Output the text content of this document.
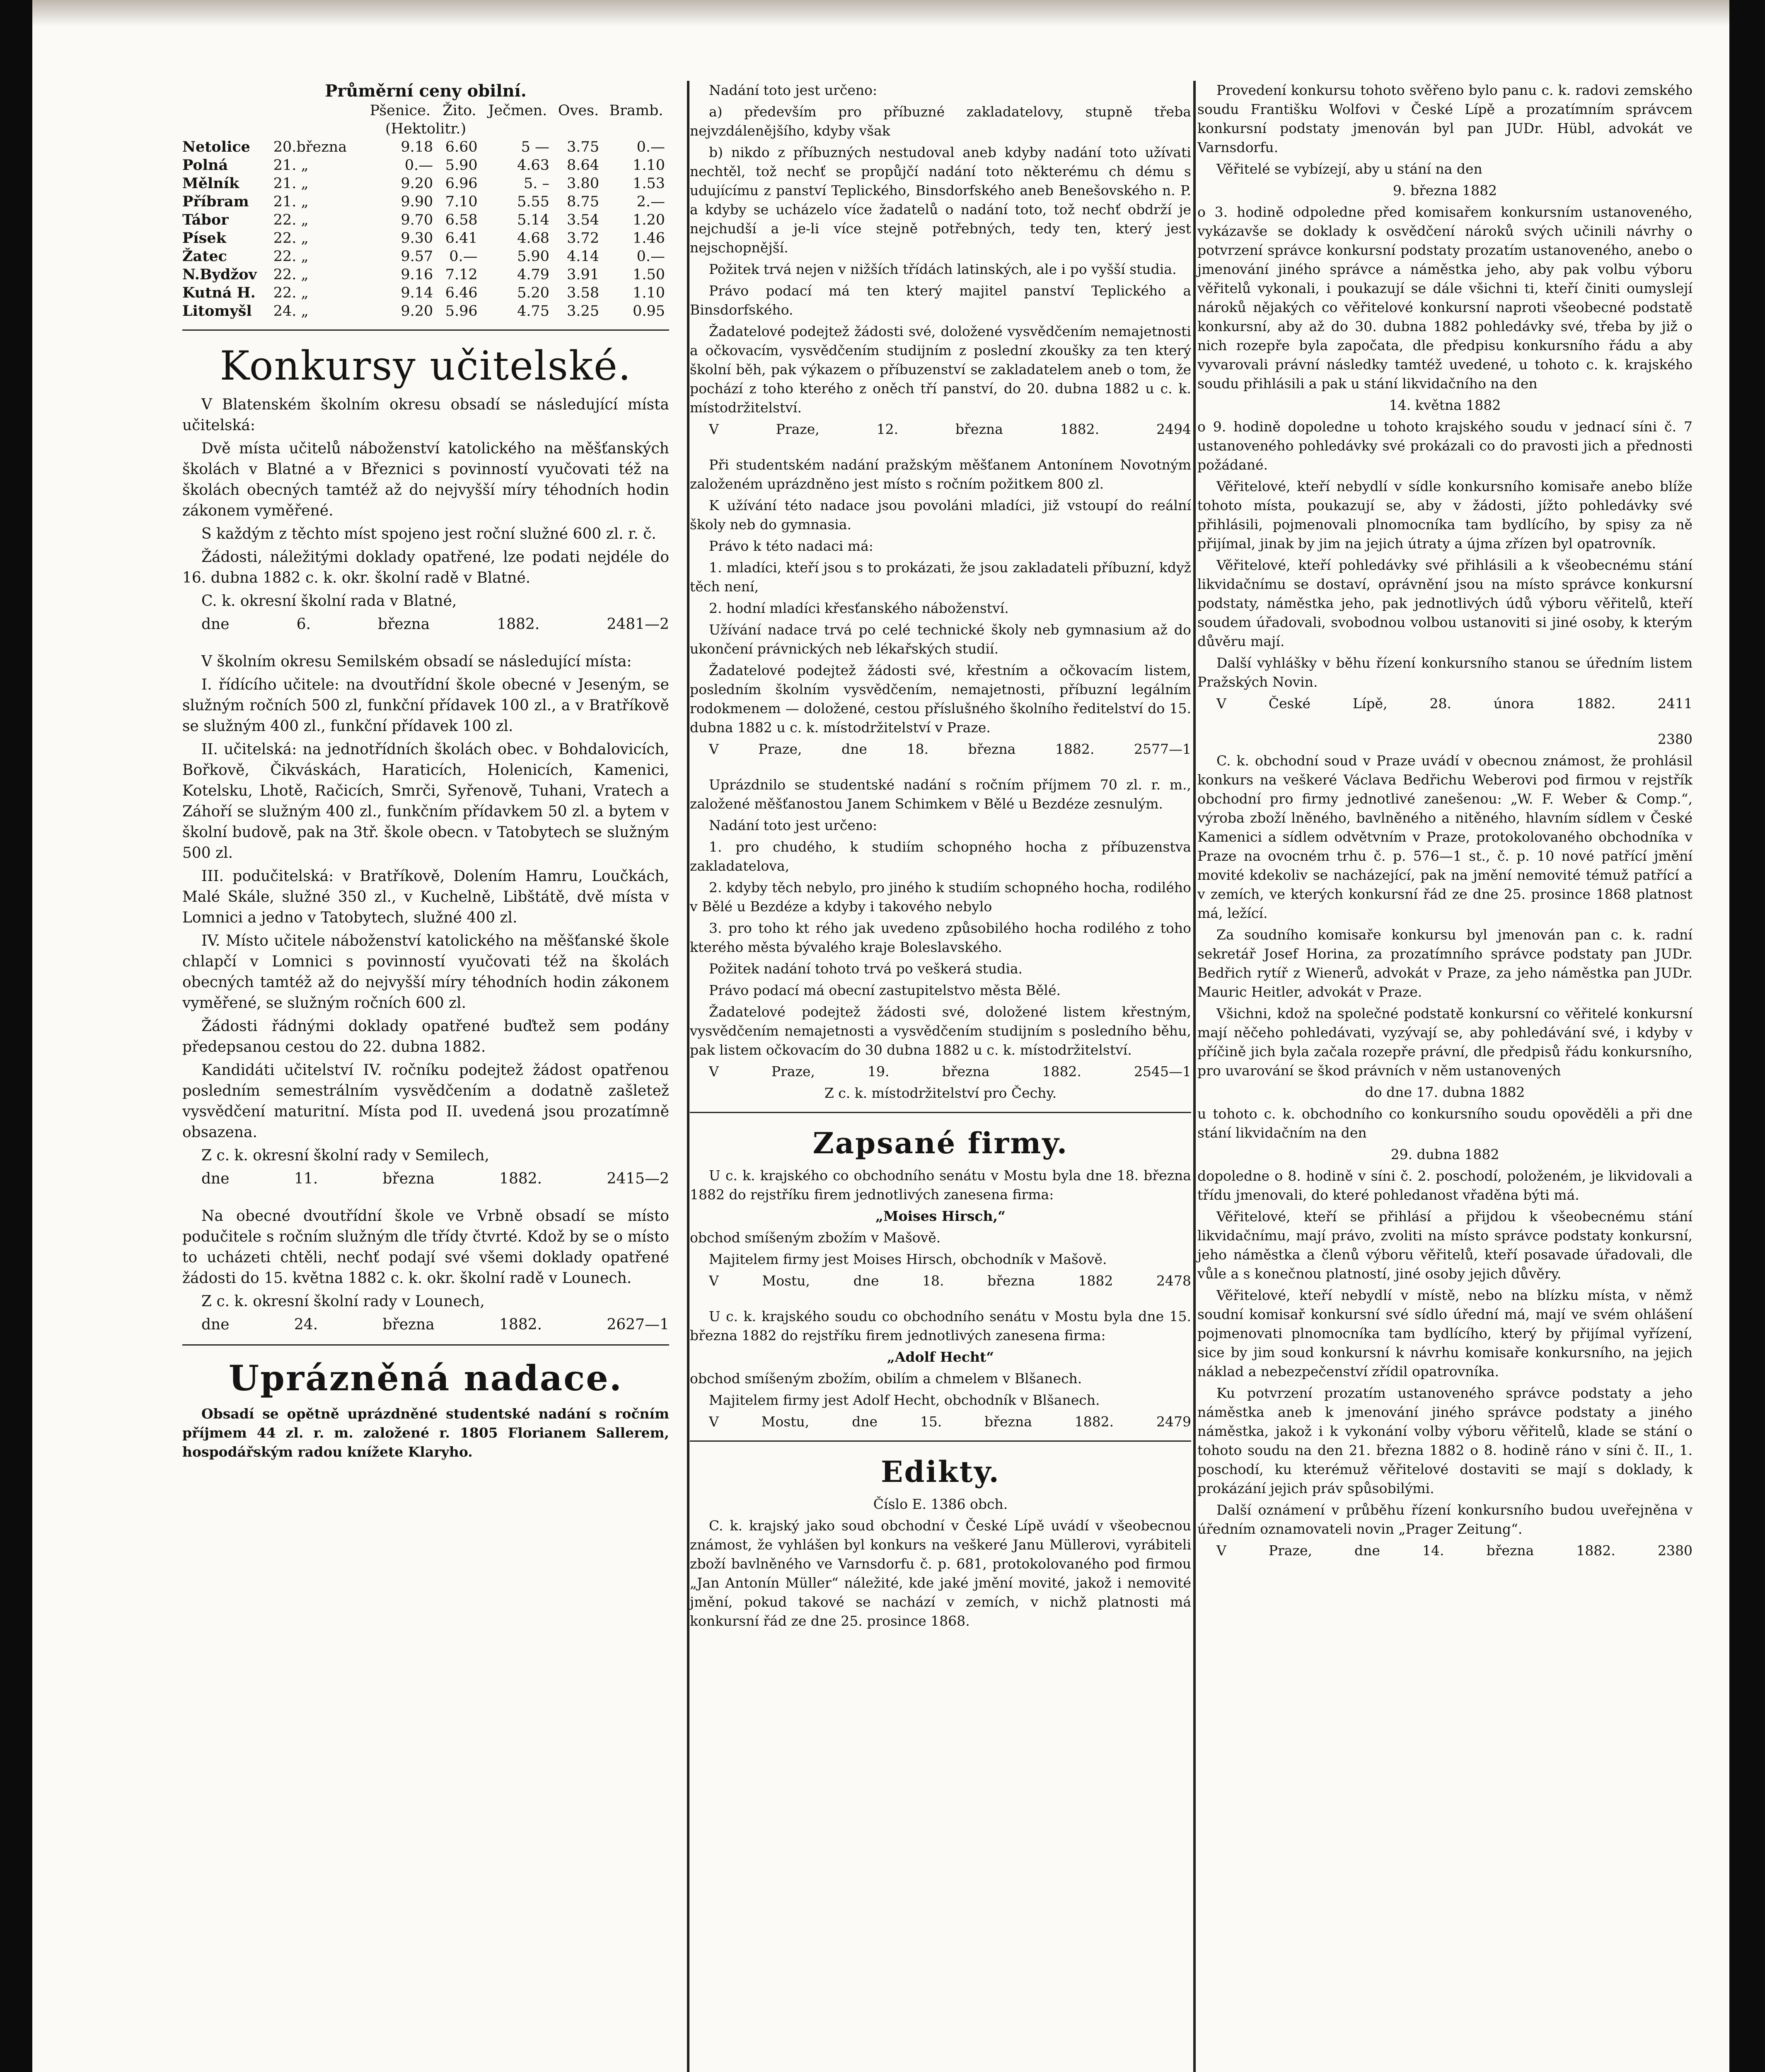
Průměrní ceny obilní.
		Pšenice.	Žito.	Ječmen.	Oves.	Bramb.
(Hektolitr.)						
Netolice	20.března	9.18	6.60	5 —	3.75	0.—
Polná	21. „	0.—	5.90	4.63	8.64	1.10
Mělník	21. „	9.20	6.96	5. –	3.80	1.53
Příbram	21. „	9.90	7.10	5.55	8.75	2.—
Tábor	22. „	9.70	6.58	5.14	3.54	1.20
Písek	22. „	9.30	6.41	4.68	3.72	1.46
Žatec	22. „	9.57	0.—	5.90	4.14	0.—
N.Bydžov	22. „	9.16	7.12	4.79	3.91	1.50
Kutná H.	22. „	9.14	6.46	5.20	3.58	1.10
Litomyšl	24. „	9.20	5.96	4.75	3.25	0.95
Konkursy učitelské.

V Blatenském školním okresu obsadí se následující místa učitelská:

Dvě místa učitelů náboženství katolického na měšťanských školách v Blatné a v Březnici s povinností vyučovati též na školách obecných tamtéž až do nejvyšší míry téhodních hodin zákonem vyměřené.

S každým z těchto míst spojeno jest roční služné 600 zl. r. č.

Žádosti, náležitými doklady opatřené, lze podati nejdéle do 16. dubna 1882 c. k. okr. školní radě v Blatné.

C. k. okresní školní rada v Blatné,

dne 6. března 1882.	2481—2

V školním okresu Semilském obsadí se následující místa:

I. řídícího učitele: na dvoutřídní škole obecné v Jeseným, se služným ročních 500 zl, funkční přídavek 100 zl., a v Bratříkově se služným 400 zl., funkční přídavek 100 zl.

II. učitelská: na jednotřídních školách obec. v Bohdalovicích, Bořkově, Čikváskách, Haraticích, Holenicích, Kamenici, Kotelsku, Lhotě, Račicích, Smrči, Syřenově, Tuhani, Vratech a Záhoří se služným 400 zl., funkčním přídavkem 50 zl. a bytem v školní budově, pak na 3tř. škole obecn. v Tatobytech se služným 500 zl.

III. podučitelská: v Bratříkově, Dolením Hamru, Loučkách, Malé Skále, služné 350 zl., v Kuchelně, Libštátě, dvě místa v Lomnici a jedno v Tatobytech, služné 400 zl.

IV. Místo učitele náboženství katolického na měšťanské škole chlapčí v Lomnici s povinností vyučovati též na školách obecných tamtéž až do nejvyšší míry téhodních hodin zákonem vyměřené, se služným ročních 600 zl.

Žádosti řádnými doklady opatřené buďtež sem podány předepsanou cestou do 22. dubna 1882.

Kandidáti učitelství IV. ročníku podejtež žádost opatřenou posledním semestrálním vysvědčením a dodatně zašletež vysvědčení maturitní. Místa pod II. uvedená jsou prozatímně obsazena.

Z c. k. okresní školní rady v Semilech,

dne 11. března 1882.	2415—2

Na obecné dvoutřídní škole ve Vrbně obsadí se místo podučitele s ročním služným dle třídy čtvrté. Kdož by se o místo to ucházeti chtěli, nechť podají své všemi doklady opatřené žádosti do 15. května 1882 c. k. okr. školní radě v Lounech.

Z c. k. okresní školní rady v Lounech,

dne 24. března 1882.	2627—1

Uprázněná nadace.

Obsadí se opětně uprázdněné studentské nadání s ročním příjmem 44 zl. r. m. založené r. 1805 Florianem Sallerem, hospodářským radou knížete Klaryho.

Nadání toto jest určeno:

a) především pro příbuzné zakladatelovy, stupně třeba nejvzdálenějšího, kdyby však

b) nikdo z příbuzných nestudoval aneb kdyby nadání toto užívati nechtěl, tož nechť se propůjčí nadání toto některému ch dému s udujícímu z panství Teplického, Binsdorfského aneb Benešovského n. P. a kdyby se ucházelo více žadatelů o nadání toto, tož nechť obdrží je nejchudší a je-li více stejně potřebných, tedy ten, který jest nejschopnější.

Požitek trvá nejen v nižších třídách latinských, ale i po vyšší studia.

Právo podací má ten který majitel panství Teplického a Binsdorfského.

Žadatelové podejtež žádosti své, doložené vysvědčením nemajetnosti a očkovacím, vysvědčením studijním z poslední zkoušky za ten který školní běh, pak výkazem o příbuzenství se zakladatelem aneb o tom, že pochází z toho kterého z oněch tří panství, do 20. dubna 1882 u c. k. místodržitelství.

V Praze, 12. března 1882.	2494

Při studentském nadání pražským měšťanem Antonínem Novotným založeném uprázdněno jest místo s ročním požitkem 800 zl.

K užívání této nadace jsou povoláni mladíci, již vstoupí do reální školy neb do gymnasia.

Právo k této nadaci má:

1. mladíci, kteří jsou s to prokázati, že jsou zakladateli příbuzní, když těch není,

2. hodní mladíci křesťanského náboženství.

Užívání nadace trvá po celé technické školy neb gymnasium až do ukončení právnických neb lékařských studií.

Žadatelové podejtež žádosti své, křestním a očkovacím listem, posledním školním vysvědčením, nemajetnosti, příbuzní legálním rodokmenem — doložené, cestou příslušného školního ředitelství do 15. dubna 1882 u c. k. místodržitelství v Praze.

V Praze, dne 18. března 1882.	2577—1

Uprázdnilo se studentské nadání s ročním příjmem 70 zl. r. m., založené měšťanostou Janem Schimkem v Bělé u Bezdéze zesnulým.

Nadání toto jest určeno:

1. pro chudého, k studiím schopného hocha z příbuzenstva zakladatelova,

2. kdyby těch nebylo, pro jiného k studiím schopného hocha, rodilého v Bělé u Bezdéze a kdyby i takového nebylo

3. pro toho kt rého jak uvedeno způsobilého hocha rodilého z toho kterého města bývalého kraje Boleslavského.

Požitek nadání tohoto trvá po veškerá studia.

Právo podací má obecní zastupitelstvo města Bělé.

Žadatelové podejtež žádosti své, doložené listem křestným, vysvědčením nemajetnosti a vysvědčením studijním s posledního běhu, pak listem očkovacím do 30 dubna 1882 u c. k. místodržitelství.

V Praze, 19. března 1882.	2545—1

Z c. k. místodržitelství pro Čechy.

Zapsané firmy.

U c. k. krajského co obchodního senátu v Mostu byla dne 18. března 1882 do rejstříku firem jednotlivých zanesena firma:

„Moises Hirsch,“

obchod smíšeným zbožím v Mašově.

Majitelem firmy jest Moises Hirsch, obchodník v Mašově.

V Mostu, dne 18. března 1882	2478

U c. k. krajského soudu co obchodního senátu v Mostu byla dne 15. března 1882 do rejstříku firem jednotlivých zanesena firma:

„Adolf Hecht“

obchod smíšeným zbožím, obilím a chmelem v Blšanech.

Majitelem firmy jest Adolf Hecht, obchodník v Blšanech.

V Mostu, dne 15. března 1882.	2479

Edikty.

Číslo E. 1386 obch.

C. k. krajský jako soud obchodní v České Lípě uvádí v všeobecnou známost, že vyhlášen byl konkurs na veškeré Janu Müllerovi, vyrábiteli zboží bavlněného ve Varnsdorfu č. p. 681, protokolovaného pod firmou „Jan Antonín Müller“ náležité, kde jaké jmění movité, jakož i nemovité jmění, pokud takové se nachází v zemích, v nichž platnosti má konkursní řád ze dne 25. prosince 1868.

Provedení konkursu tohoto svěřeno bylo panu c. k. radovi zemského soudu Františku Wolfovi v České Lípě a prozatímním správcem konkursní podstaty jmenován byl pan JUDr. Hübl, advokát ve Varnsdorfu.

Věřitelé se vybízejí, aby u stání na den

9. března 1882

o 3. hodině odpoledne před komisařem konkursním ustanoveného, vykázavše se doklady k osvědčení nároků svých učinili návrhy o potvrzení správce konkursní podstaty prozatím ustanoveného, anebo o jmenování jiného správce a náměstka jeho, aby pak volbu výboru věřitelů vykonali, i poukazují se dále všichni ti, kteří činiti oumyslejí nároků nějakých co věřitelové konkursní naproti všeobecné podstatě konkursní, aby až do 30. dubna 1882 pohledávky své, třeba by již o nich rozepře byla započata, dle předpisu konkursního řádu a aby vyvarovali právní následky tamtéž uvedené, u tohoto c. k. krajského soudu přihlásili a pak u stání likvidačního na den

14. května 1882

o 9. hodině dopoledne u tohoto krajského soudu v jednací síni č. 7 ustanoveného pohledávky své prokázali co do pravosti jich a přednosti požádané.

Věřitelové, kteří nebydlí v sídle konkursního komisaře anebo blíže tohoto místa, poukazují se, aby v žádosti, jížto pohledávky své přihlásili, pojmenovali plnomocníka tam bydlícího, by spisy za ně přijímal, jinak by jim na jejich útraty a újma zřízen byl opatrovník.

Věřitelové, kteří pohledávky své přihlásili a k všeobecnému stání likvidačnímu se dostaví, oprávnění jsou na místo správce konkursní podstaty, náměstka jeho, pak jednotlivých údů výboru věřitelů, kteří soudem úřadovali, svobodnou volbou ustanoviti si jiné osoby, k kterým důvěru mají.

Další vyhlášky v běhu řízení konkursního stanou se úředním listem Pražských Novin.

V České Lípě, 28. února 1882.	2411

2380

C. k. obchodní soud v Praze uvádí v obecnou známost, že prohlásil konkurs na veškeré Václava Bedřichu Weberovi pod firmou v rejstřík obchodní pro firmy jednotlivé zanešenou: „W. F. Weber & Comp.“, výroba zboží lněného, bavlněného a nitěného, hlavním sídlem v České Kamenici a sídlem odvětvním v Praze, protokolovaného obchodníka v Praze na ovocném trhu č. p. 576—1 st., č. p. 10 nové patřící jmění movité kdekoliv se nacházející, pak na jmění nemovité témuž patřící a v zemích, ve kterých konkursní řád ze dne 25. prosince 1868 platnost má, ležící.

Za soudního komisaře konkursu byl jmenován pan c. k. radní sekretář Josef Horina, za prozatímního správce podstaty pan JUDr. Bedřich rytíř z Wienerů, advokát v Praze, za jeho náměstka pan JUDr. Mauric Heitler, advokát v Praze.

Všichni, kdož na společné podstatě konkursní co věřitelé konkursní mají něčeho pohledávati, vyzývají se, aby pohledávání své, i kdyby v příčině jich byla začala rozepře právní, dle předpisů řádu konkursního, pro uvarování se škod právních v něm ustanovených

do dne 17. dubna 1882

u tohoto c. k. obchodního co konkursního soudu opověděli a při dne stání likvidačním na den

29. dubna 1882

dopoledne o 8. hodině v síni č. 2. poschodí, položeném, je likvidovali a třídu jmenovali, do které pohledanost vřaděna býti má.

Věřitelové, kteří se přihlásí a přijdou k všeobecnému stání likvidačnímu, mají právo, zvoliti na místo správce podstaty konkursní, jeho náměstka a členů výboru věřitelů, kteří posavade úřadovali, dle vůle a s konečnou platností, jiné osoby jejich důvěry.

Věřitelové, kteří nebydlí v místě, nebo na blízku místa, v němž soudní komisař konkursní své sídlo úřední má, mají ve svém ohlášení pojmenovati plnomocníka tam bydlícího, který by přijímal vyřízení, sice by jim soud konkursní k návrhu komisaře konkursního, na jejich náklad a nebezpečenství zřídil opatrovníka.

Ku potvrzení prozatím ustanoveného správce podstaty a jeho náměstka aneb k jmenování jiného správce podstaty a jiného náměstka, jakož i k vykonání volby výboru věřitelů, klade se stání o tohoto soudu na den 21. března 1882 o 8. hodině ráno v síni č. II., 1. poschodí, ku kterémuž věřitelové dostaviti se mají s doklady, k prokázání jejich práv spůsobilými.

Další oznámení v průběhu řízení konkursního budou uveřejněna v úředním oznamovateli novin „Prager Zeitung“.

V Praze, dne 14. března 1882.	2380
